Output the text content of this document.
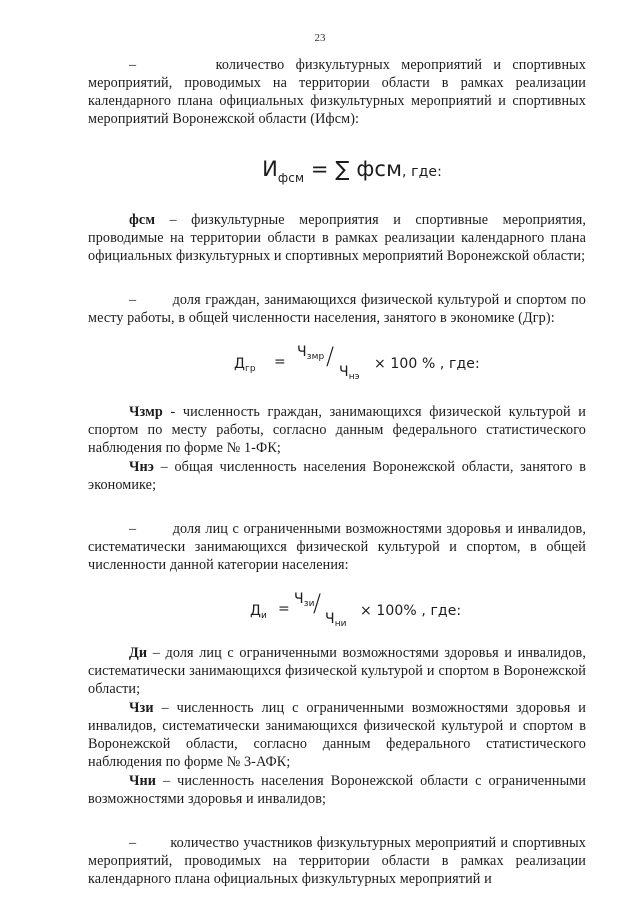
23

–	количество физкультурных мероприятий и спортивных мероприятий, проводимых на территории области в рамках реализации календарного плана официальных физкультурных мероприятий и спортивных мероприятий Воронежской области (Ифсм):

$И_{фсм}$ = ∑ фсм, где:

фсм – физкультурные мероприятия и спортивные мероприятия, проводимые на территории области в рамках реализации календарного плана официальных физкультурных и спортивных мероприятий Воронежской области;

–	доля граждан, занимающихся физической культурой и спортом по месту работы, в общей численности населения, занятого в экономике (Дгр):

$Д_{гр}$ =
$Ч_{змр}$ /
$Ч_{нэ}$
× 100 % , где:

Чзмр - численность граждан, занимающихся физической культурой и спортом по месту работы, согласно данным федерального статистического наблюдения по форме № 1-ФК;

Чнэ – общая численность населения Воронежской области, занятого в экономике;

–	доля лиц с ограниченными возможностями здоровья и инвалидов, систематически занимающихся физической культурой и спортом, в общей численности данной категории населения:

$Д_и$ =
$Ч_{зи}$
/
$Ч_{ни}$
× 100% , где:

Ди – доля лиц с ограниченными возможностями здоровья и инвалидов, систематически занимающихся физической культурой и спортом в Воронежской области;

Чзи – численность лиц с ограниченными возможностями здоровья и инвалидов, систематически занимающихся физической культурой и спортом в Воронежской области, согласно данным федерального статистического наблюдения по форме № 3-АФК;

Чни – численность населения Воронежской области с ограниченными возможностями здоровья и инвалидов;

– количество участников физкультурных мероприятий и спортивных мероприятий, проводимых на территории области в рамках реализации календарного плана официальных физкультурных мероприятий и
